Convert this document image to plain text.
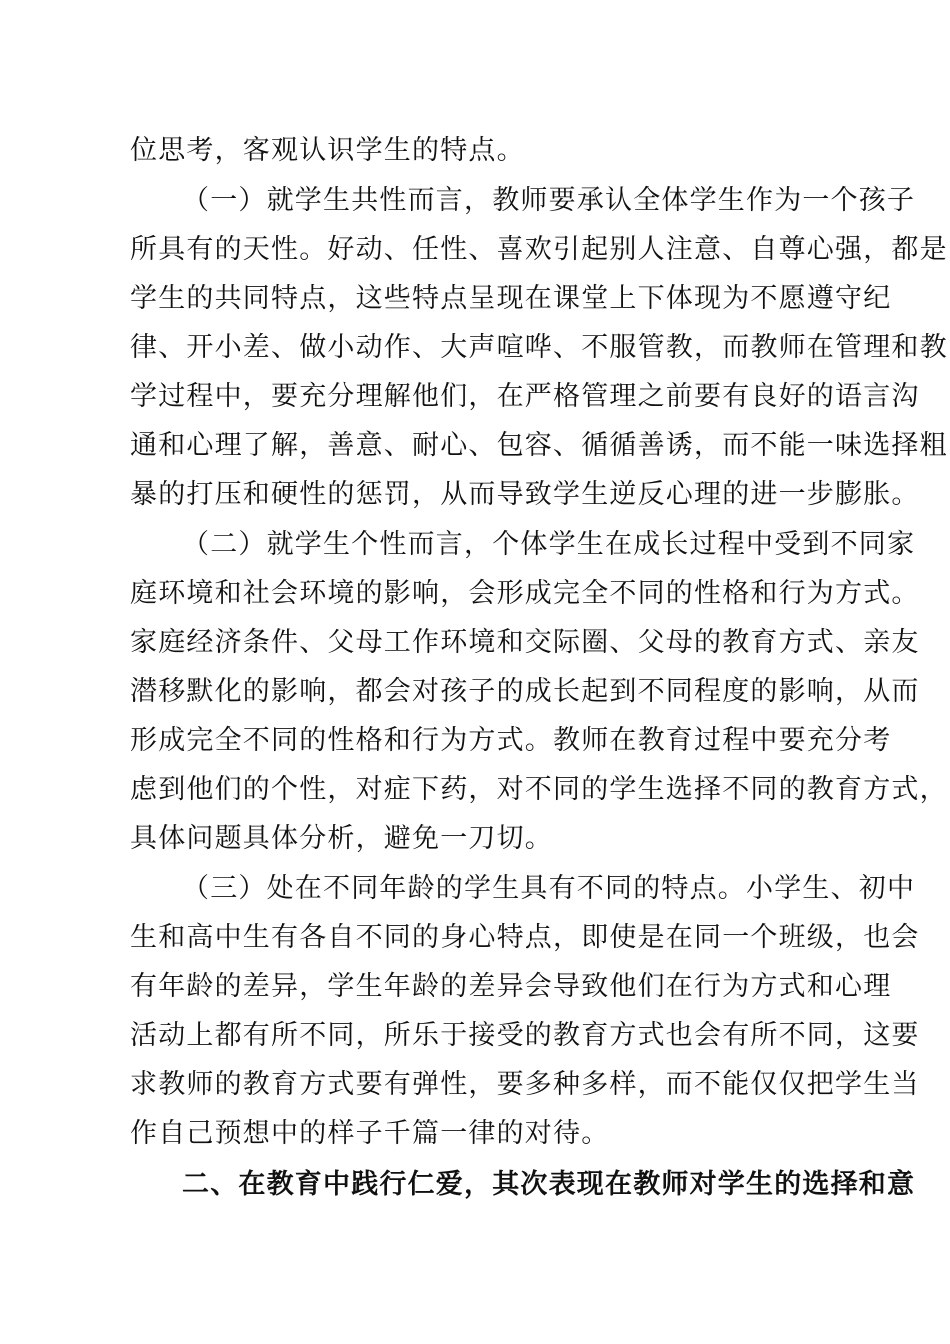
位思考，客观认识学生的特点。
（一）就学生共性而言，教师要承认全体学生作为一个孩子
所具有的天性。好动、任性、喜欢引起别人注意、自尊心强，都是
学生的共同特点，这些特点呈现在课堂上下体现为不愿遵守纪
律、开小差、做小动作、大声喧哗、不服管教，而教师在管理和教
学过程中，要充分理解他们，在严格管理之前要有良好的语言沟
通和心理了解，善意、耐心、包容、循循善诱，而不能一味选择粗
暴的打压和硬性的惩罚，从而导致学生逆反心理的进一步膨胀。
（二）就学生个性而言，个体学生在成长过程中受到不同家
庭环境和社会环境的影响，会形成完全不同的性格和行为方式。
家庭经济条件、父母工作环境和交际圈、父母的教育方式、亲友
潜移默化的影响，都会对孩子的成长起到不同程度的影响，从而
形成完全不同的性格和行为方式。教师在教育过程中要充分考
虑到他们的个性，对症下药，对不同的学生选择不同的教育方式，
具体问题具体分析，避免一刀切。
（三）处在不同年龄的学生具有不同的特点。小学生、初中
生和高中生有各自不同的身心特点，即使是在同一个班级，也会
有年龄的差异，学生年龄的差异会导致他们在行为方式和心理
活动上都有所不同，所乐于接受的教育方式也会有所不同，这要
求教师的教育方式要有弹性，要多种多样，而不能仅仅把学生当
作自己预想中的样子千篇一律的对待。
二、在教育中践行仁爱，其次表现在教师对学生的选择和意
